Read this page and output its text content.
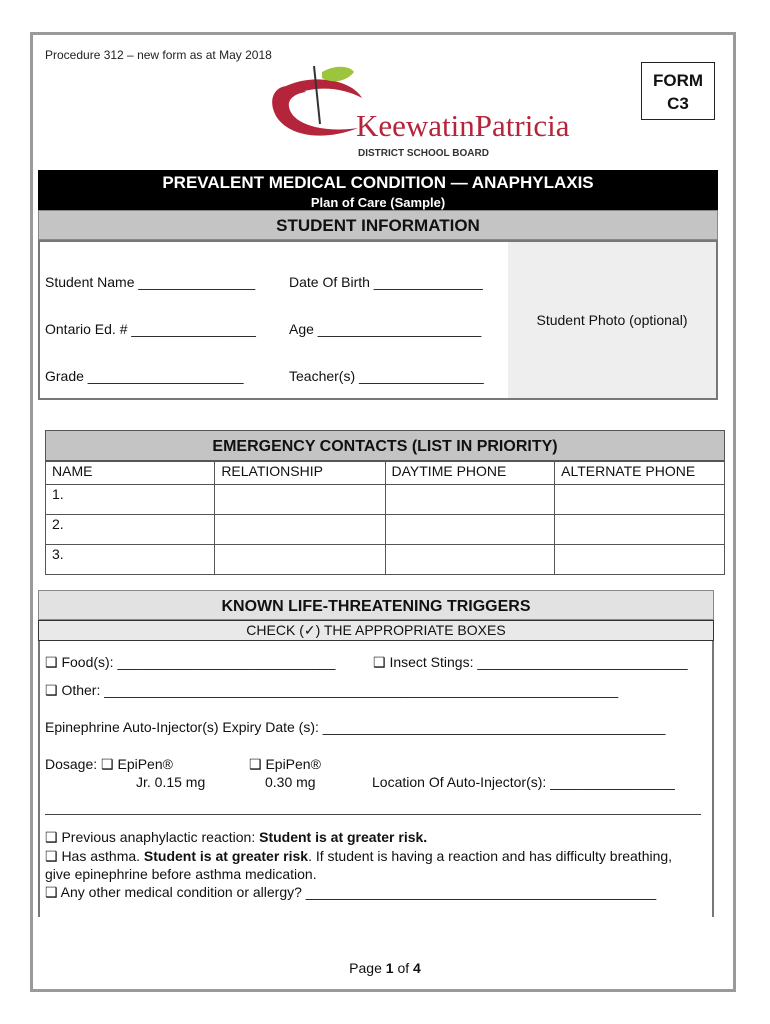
Procedure 312 – new form as at May 2018
FORM
C3
KeewatinPatricia
DISTRICT SCHOOL BOARD
PREVALENT MEDICAL CONDITION — ANAPHYLAXIS
Plan of Care (Sample)
STUDENT INFORMATION
Student Photo (optional)
Student Name _______________ Date Of Birth ______________
Ontario Ed. # ________________ Age _____________________
Grade ____________________	Teacher(s) ________________
EMERGENCY CONTACTS (LIST IN PRIORITY)
NAME	RELATIONSHIP	DAYTIME PHONE	ALTERNATE PHONE
1.			
2.			
3.			
KNOWN LIFE-THREATENING TRIGGERS
CHECK (✓) THE APPROPRIATE BOXES
❑ Food(s): ____________________________	❑ Insect Stings: ___________________________
❑ Other: __________________________________________________________________
Epinephrine Auto-Injector(s) Expiry Date (s): ____________________________________________
Dosage: ❑ EpiPen®
Jr. 0.15 mg
❑ EpiPen®
0.30 mg	Location Of Auto-Injector(s): ________________
❑ Previous anaphylactic reaction: Student is at greater risk.
❑ Has asthma. Student is at greater risk. If student is having a reaction and has difficulty breathing, give epinephrine before asthma medication.
❑ Any other medical condition or allergy? _____________________________________________
Page 1 of 4
